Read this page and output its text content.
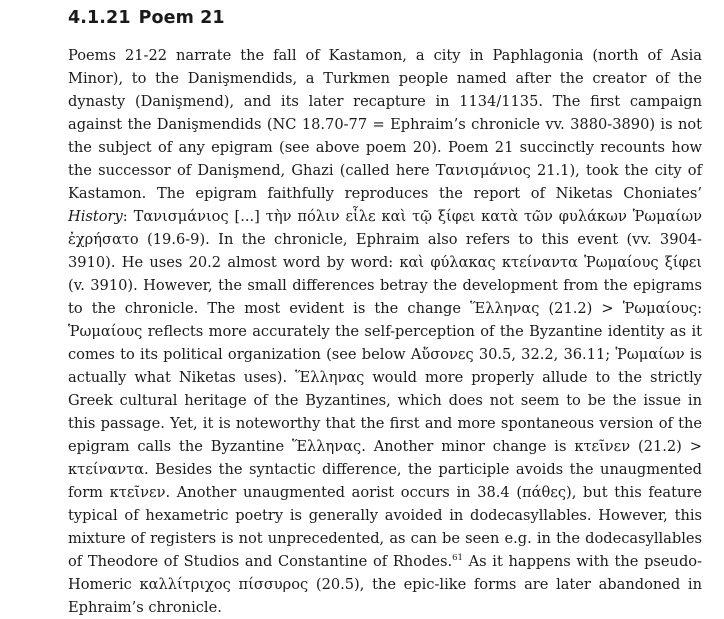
4.1.21 Poem 21

Poems 21-22 narrate the fall of Kastamon, a city in Paphlagonia (north of Asia Minor), to the Danişmendids, a Turkmen people named after the creator of the dynasty (Danişmend), and its later recapture in 1134/1135. The first campaign against the Danişmendids (NC 18.70-77 = Ephraim’s chronicle vv. 3880-3890) is not the subject of any epigram (see above poem 20). Poem 21 succinctly recounts how the successor of Danişmend, Ghazi (called here Τανισμάνιος 21.1), took the city of Kastamon. The epigram faithfully reproduces the report of Niketas Choniates’ History: Τανισμάνιος [...] τὴν πόλιν εἷλε καὶ τῷ ξίφει κατὰ τῶν φυλάκων Ῥωμαίων ἐχρήσατο (19.6-9). In the chronicle, Ephraim also refers to this event (vv. 3904-3910). He uses 20.2 almost word by word: καὶ φύλακας κτείναντα Ῥωμαίους ξίφει (v. 3910). However, the small differences betray the development from the epigrams to the chronicle. The most evident is the change Ἕλληνας (21.2) > Ῥωμαίους: Ῥωμαίους reflects more accurately the self-perception of the Byzantine identity as it comes to its political organization (see below Αὔσονες 30.5, 32.2, 36.11; Ῥωμαίων is actually what Niketas uses). Ἕλληνας would more properly allude to the strictly Greek cultural heritage of the Byzantines, which does not seem to be the issue in this passage. Yet, it is noteworthy that the first and more spontaneous version of the epigram calls the Byzantine Ἕλληνας. Another minor change is κτεῖνεν (21.2) > κτείναντα. Besides the syntactic difference, the participle avoids the unaugmented form κτεῖνεν. Another unaugmented aorist occurs in 38.4 (πάθες), but this feature typical of hexametric poetry is generally avoided in dodecasyllables. However, this mixture of registers is not unprecedented, as can be seen e.g. in the dodecasyllables of Theodore of Studios and Constantine of Rhodes.$^{61}$ As it happens with the pseudo-Homeric καλλίτριχος πίσσυρος (20.5), the epic-like forms are later abandoned in Ephraim’s chronicle.
